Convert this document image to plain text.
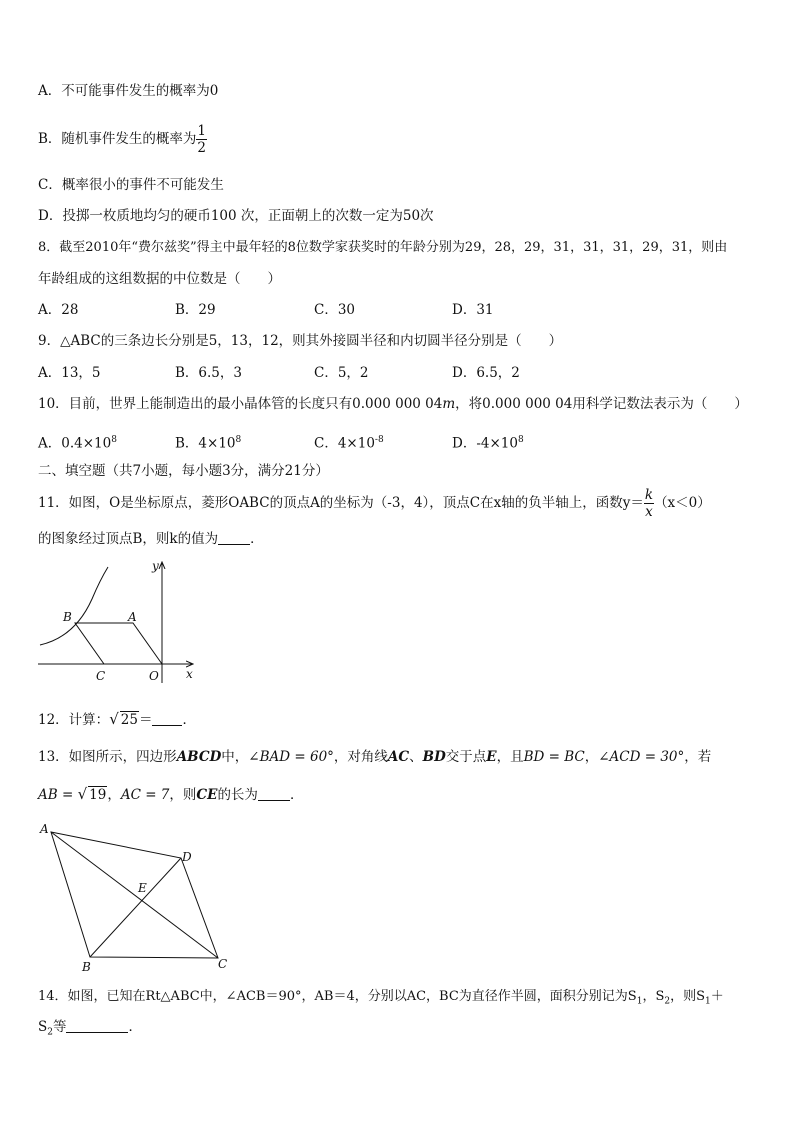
A．不可能事件发生的概率为0
B．随机事件发生的概率为 $\frac{1}{2}$
C．概率很小的事件不可能发生
D．投掷一枚质地均匀的硬币100 次，正面朝上的次数一定为50次
8．截至2010年“费尔兹奖”得主中最年轻的8位数学家获奖时的年龄分别为29，28，29，31，31，31，29，31，则由
年龄组成的这组数据的中位数是（　　）
A．28	B．29	C．30	D．31
9．△ABC的三条边长分别是5，13，12，则其外接圆半径和内切圆半径分别是（　　）
A．13，5	B．6.5，3	C．5，2	D．6.5，2
10．目前，世界上能制造出的最小晶体管的长度只有0.000 000 04m，将0.000 000 04用科学记数法表示为（　　）
A．$0.4\times 10^8$	B．$4\times 10^8$	C．$4\times 10^{-8}$	D．$-4\times 10^8$
二、填空题（共7小题，每小题3分，满分21分）
11．如图，O是坐标原点，菱形OABC的顶点A的坐标为（-3，4），顶点C在x轴的负半轴上，函数$y= \frac{k}{x} (x<0)$
的图象经过顶点B，则k的值为 ．
y
x
A
B
C	O
12．计算：√ 25＝ ．
13．如图所示，四边形ABCD中，∠BAD = 60°，对角线AC、BD交于点E，且BD = BC，∠ACD = 30°，若
AB = √ 19，AC = 7，则CE的长为 ．
A
D
E
B	C
14．如图，已知在Rt△ABC中，∠ACB＝90°，AB＝4，分别以AC，BC为直径作半圆，面积分别记为$S_1$，$S_2$，则$S_1+$
$S_2$等	．
